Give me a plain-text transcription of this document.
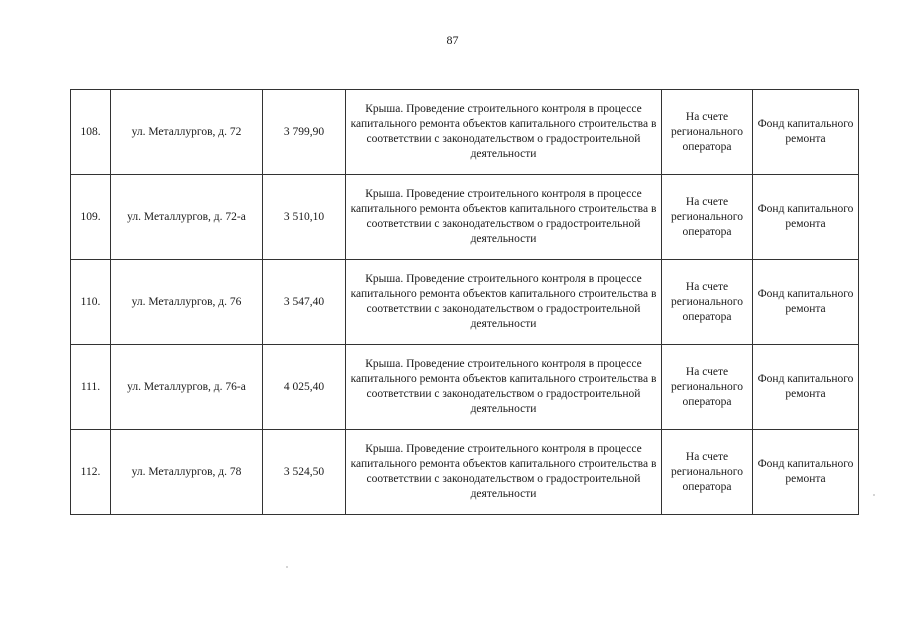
87
108.	ул. Металлургов, д. 72	3 799,90	Крыша. Проведение строительного контроля в процессе капитального ремонта объектов капитального строительства в соответствии с законодательством о градостроительной деятельности	На счете регионального оператора	Фонд капитального ремонта
109.	ул. Металлургов, д. 72-а	3 510,10	Крыша. Проведение строительного контроля в процессе капитального ремонта объектов капитального строительства в соответствии с законодательством о градостроительной деятельности	На счете регионального оператора	Фонд капитального ремонта
110.	ул. Металлургов, д. 76	3 547,40	Крыша. Проведение строительного контроля в процессе капитального ремонта объектов капитального строительства в соответствии с законодательством о градостроительной деятельности	На счете регионального оператора	Фонд капитального ремонта
111.	ул. Металлургов, д. 76-а	4 025,40	Крыша. Проведение строительного контроля в процессе капитального ремонта объектов капитального строительства в соответствии с законодательством о градостроительной деятельности	На счете регионального оператора	Фонд капитального ремонта
112.	ул. Металлургов, д. 78	3 524,50	Крыша. Проведение строительного контроля в процессе капитального ремонта объектов капитального строительства в соответствии с законодательством о градостроительной деятельности	На счете регионального оператора	Фонд капитального ремонта
